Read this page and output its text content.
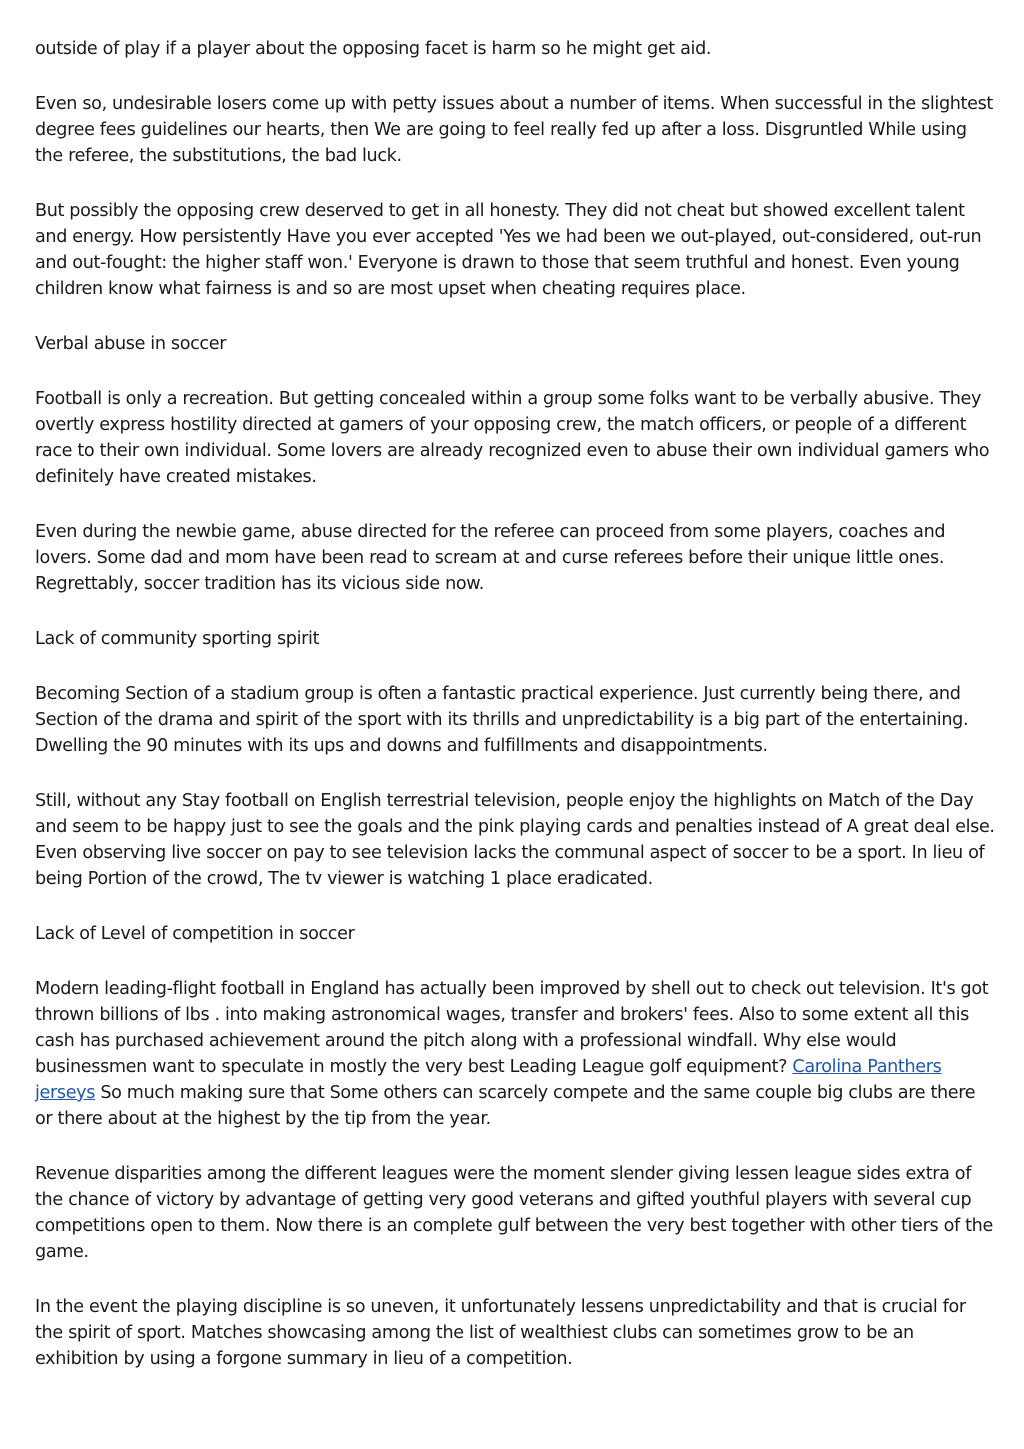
outside of play if a player about the opposing facet is harm so he might get aid.

Even so, undesirable losers come up with petty issues about a number of items. When successful in the slightest degree fees guidelines our hearts, then We are going to feel really fed up after a loss. Disgruntled While using the referee, the substitutions, the bad luck.

But possibly the opposing crew deserved to get in all honesty. They did not cheat but showed excellent talent and energy. How persistently Have you ever accepted 'Yes we had been we out-played, out-considered, out-run and out-fought: the higher staff won.' Everyone is drawn to those that seem truthful and honest. Even young children know what fairness is and so are most upset when cheating requires place.

Verbal abuse in soccer

Football is only a recreation. But getting concealed within a group some folks want to be verbally abusive. They overtly express hostility directed at gamers of your opposing crew, the match officers, or people of a different race to their own individual. Some lovers are already recognized even to abuse their own individual gamers who definitely have created mistakes.

Even during the newbie game, abuse directed for the referee can proceed from some players, coaches and lovers. Some dad and mom have been read to scream at and curse referees before their unique little ones. Regrettably, soccer tradition has its vicious side now.

Lack of community sporting spirit

Becoming Section of a stadium group is often a fantastic practical experience. Just currently being there, and Section of the drama and spirit of the sport with its thrills and unpredictability is a big part of the entertaining. Dwelling the 90 minutes with its ups and downs and fulfillments and disappointments.

Still, without any Stay football on English terrestrial television, people enjoy the highlights on Match of the Day and seem to be happy just to see the goals and the pink playing cards and penalties instead of A great deal else. Even observing live soccer on pay to see television lacks the communal aspect of soccer to be a sport. In lieu of being Portion of the crowd, The tv viewer is watching 1 place eradicated.

Lack of Level of competition in soccer

Modern leading-flight football in England has actually been improved by shell out to check out television. It's got thrown billions of lbs . into making astronomical wages, transfer and brokers' fees. Also to some extent all this cash has purchased achievement around the pitch along with a professional windfall. Why else would businessmen want to speculate in mostly the very best Leading League golf equipment? Carolina Panthers jerseys So much making sure that Some others can scarcely compete and the same couple big clubs are there or there about at the highest by the tip from the year.

Revenue disparities among the different leagues were the moment slender giving lessen league sides extra of the chance of victory by advantage of getting very good veterans and gifted youthful players with several cup competitions open to them. Now there is an complete gulf between the very best together with other tiers of the game.

In the event the playing discipline is so uneven, it unfortunately lessens unpredictability and that is crucial for the spirit of sport. Matches showcasing among the list of wealthiest clubs can sometimes grow to be an exhibition by using a forgone summary in lieu of a competition.
